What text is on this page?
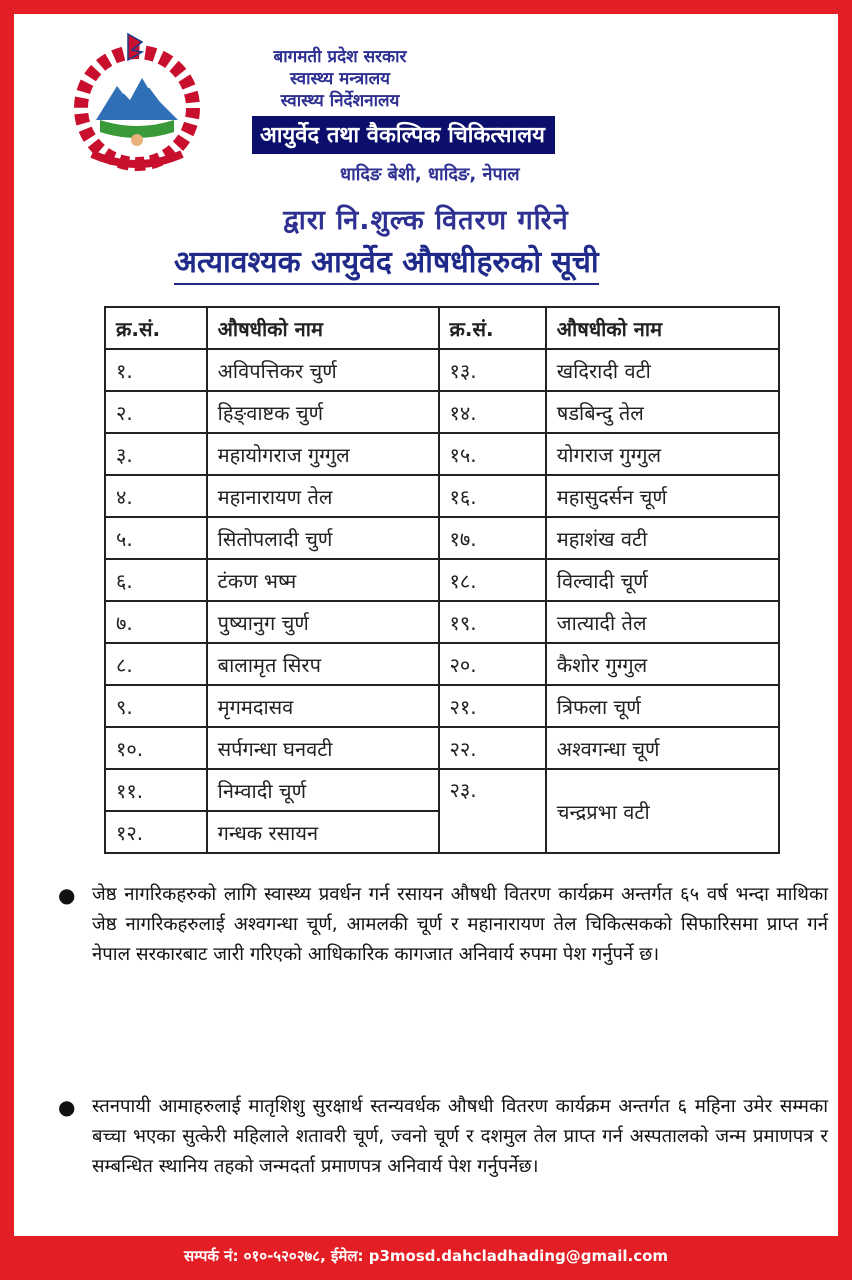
बागमती प्रदेश सरकार
स्वास्थ्य मन्त्रालय
स्वास्थ्य निर्देशनालय
आयुर्वेद तथा वैकल्पिक चिकित्सालय
धादिङ बेशी, धादिङ, नेपाल
द्वारा नि.शुल्क वितरण गरिने
अत्यावश्यक आयुर्वेद औषधीहरुको सूची
क्र.सं.	औषधीको नाम	क्र.सं.	औषधीको नाम
१.	अविपत्तिकर चुर्ण	१३.	खदिरादी वटी
२.	हिङ्वाष्टक चुर्ण	१४.	षडबिन्दु तेल
३.	महायोगराज गुग्गुल	१५.	योगराज गुग्गुल
४.	महानारायण तेल	१६.	महासुदर्सन चूर्ण
५.	सितोपलादी चुर्ण	१७.	महाशंख वटी
६.	टंकण भष्म	१८.	विल्वादी चूर्ण
७.	पुष्यानुग चुर्ण	१९.	जात्यादी तेल
८.	बालामृत सिरप	२०.	कैशोर गुग्गुल
९.	मृगमदासव	२१.	त्रिफला चूर्ण
१०.	सर्पगन्धा घनवटी	२२.	अश्वगन्धा चूर्ण
११.	निम्वादी चूर्ण	२३.	चन्द्रप्रभा वटी
१२.	गन्धक रसायन		
● जेष्ठ नागरिकहरुको लागि स्वास्थ्य प्रवर्धन गर्न रसायन औषधी वितरण कार्यक्रम अन्तर्गत ६५ वर्ष भन्दा माथिका जेष्ठ नागरिकहरुलाई अश्वगन्धा चूर्ण, आमलकी चूर्ण र महानारायण तेल चिकित्सकको सिफारिसमा प्राप्त गर्न नेपाल सरकारबाट जारी गरिएको आधिकारिक कागजात अनिवार्य रुपमा पेश गर्नुपर्ने छ।
● स्तनपायी आमाहरुलाई मातृशिशु सुरक्षार्थ स्तन्यवर्धक औषधी वितरण कार्यक्रम अन्तर्गत ६ महिना उमेर सम्मका बच्चा भएका सुत्केरी महिलाले शतावरी चूर्ण, ज्वनो चूर्ण र दशमुल तेल प्राप्त गर्न अस्पतालको जन्म प्रमाणपत्र र सम्बन्धित स्थानिय तहको जन्मदर्ता प्रमाणपत्र अनिवार्य पेश गर्नुपर्नेछ।
सम्पर्क नं: ०१०-५२०२७८, ईमेल: p3mosd.dahcladhading@gmail.com
